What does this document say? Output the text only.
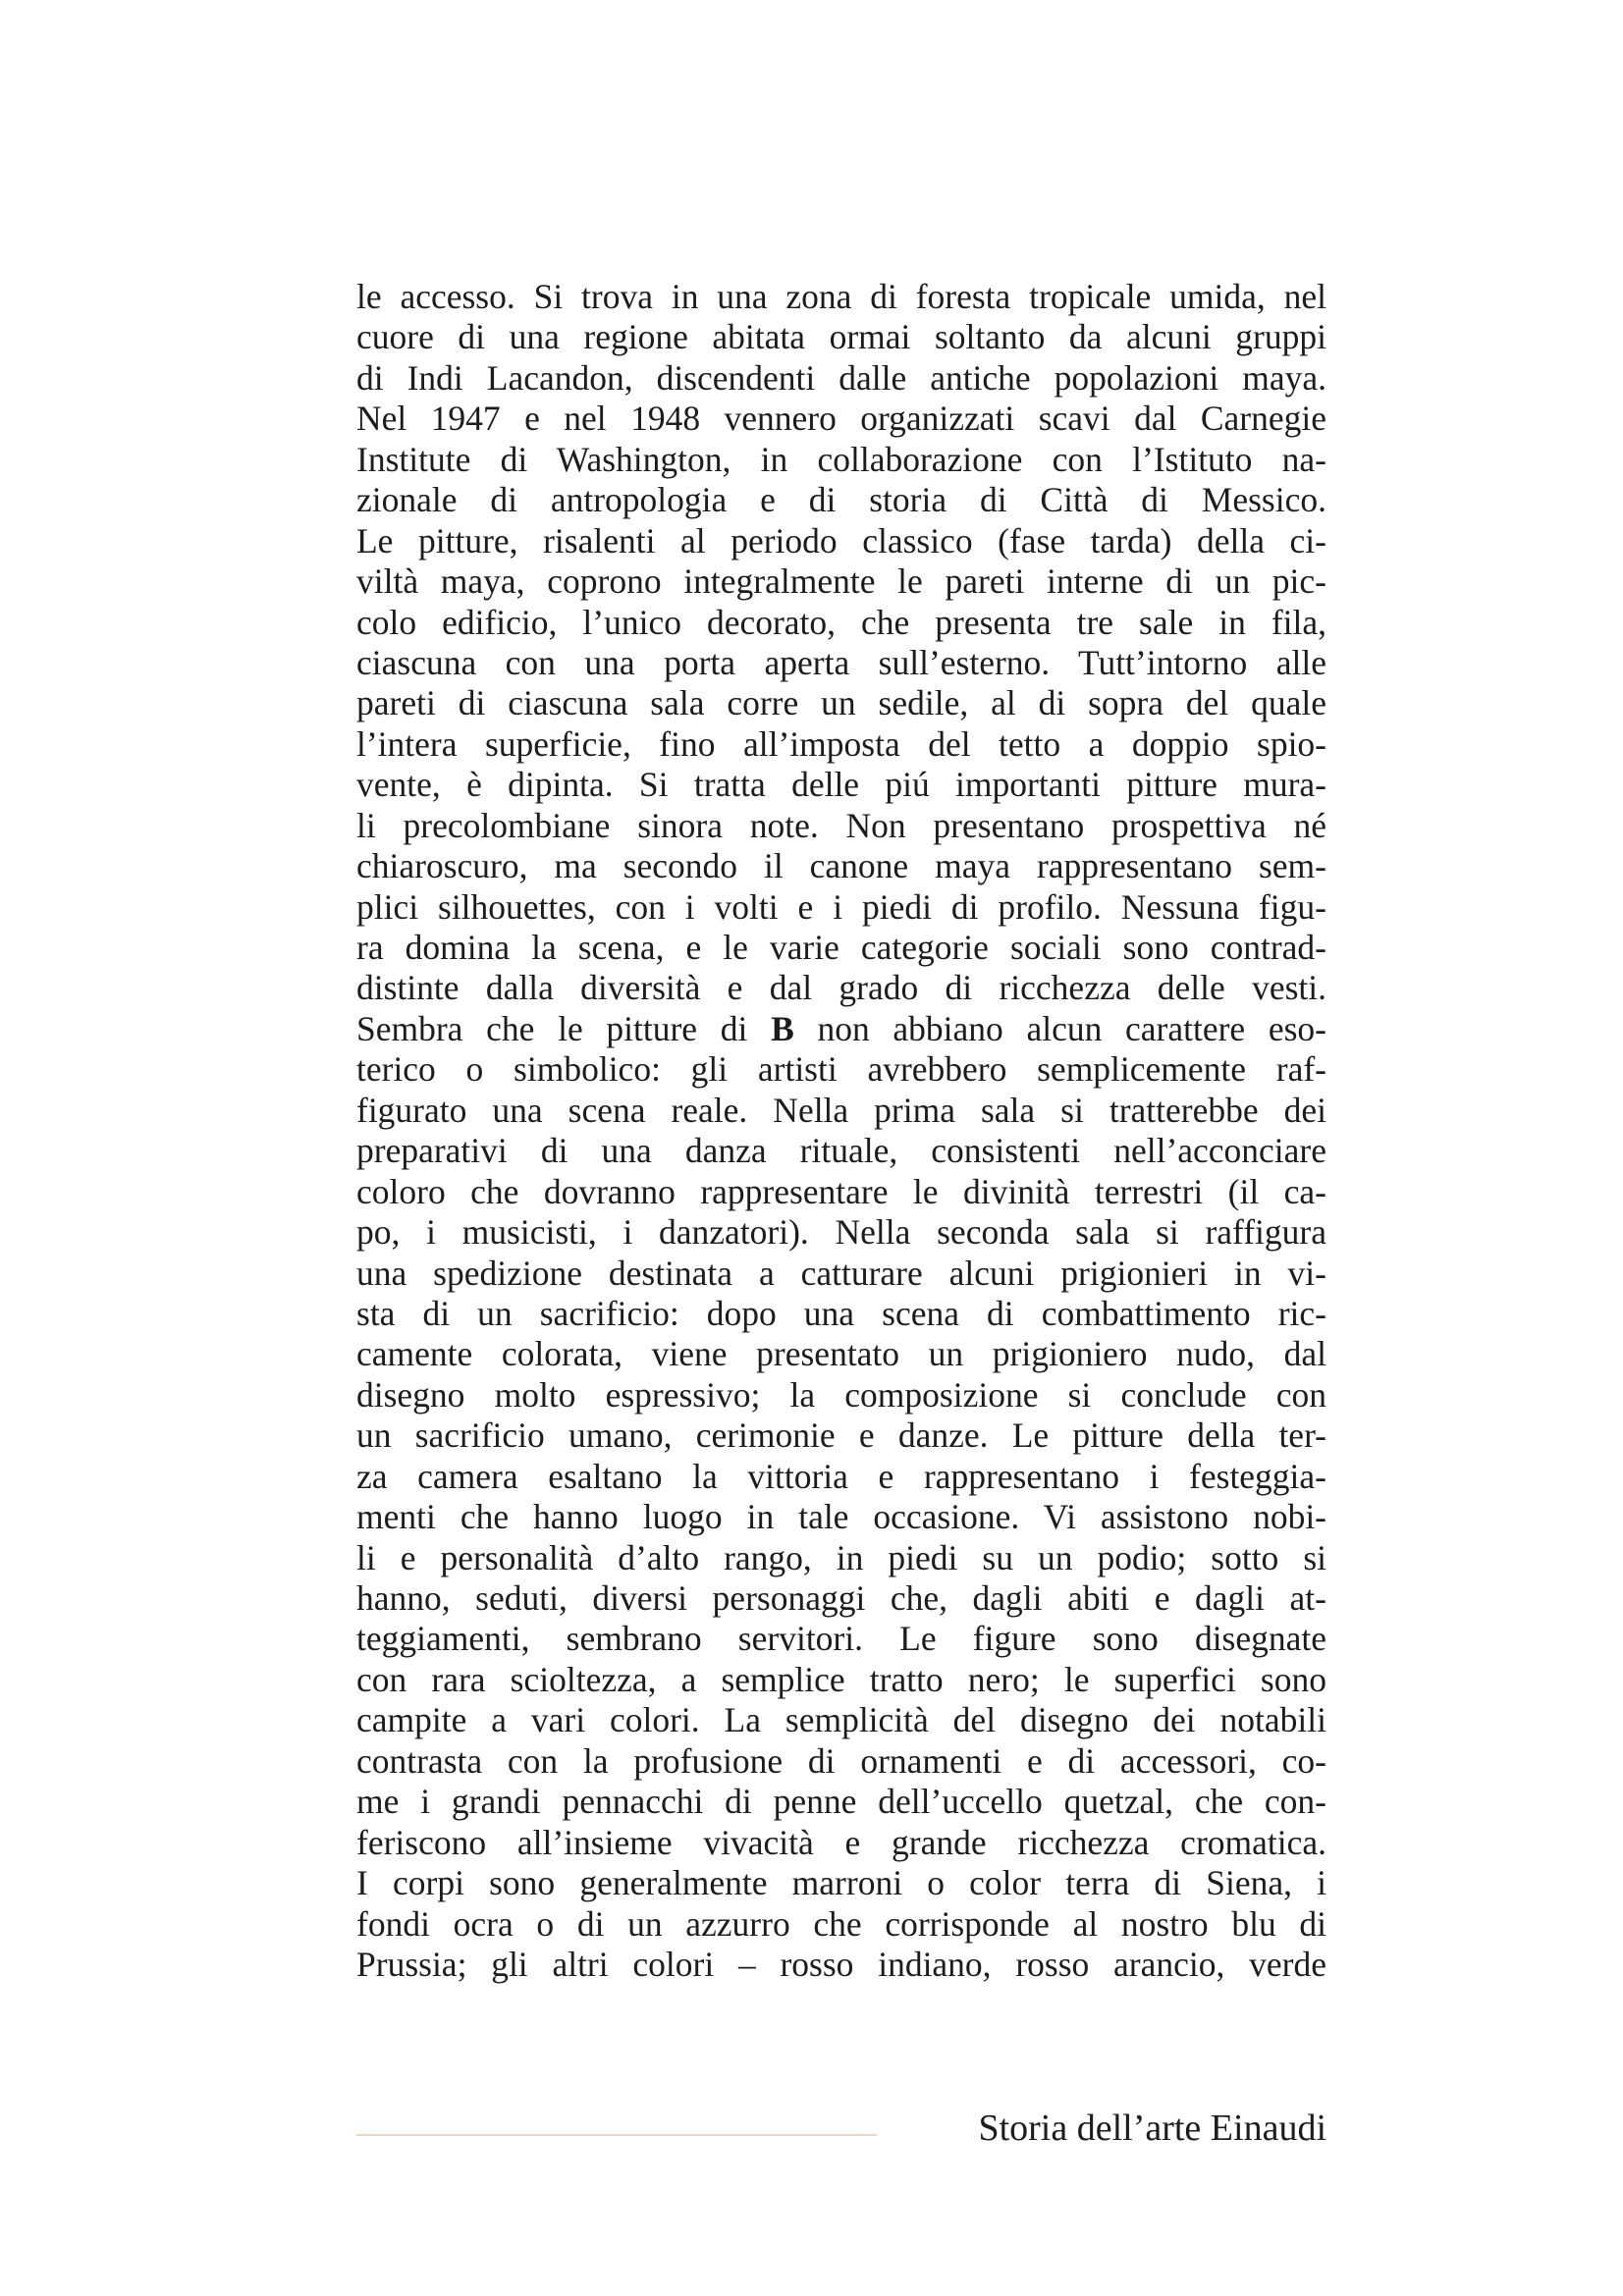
le accesso. Si trova in una zona di foresta tropicale umida, nel
cuore di una regione abitata ormai soltanto da alcuni gruppi
di Indi Lacandon, discendenti dalle antiche popolazioni maya.
Nel 1947 e nel 1948 vennero organizzati scavi dal Carnegie
Institute di Washington, in collaborazione con l’Istituto na-
zionale di antropologia e di storia di Città di Messico.
Le pitture, risalenti al periodo classico (fase tarda) della ci-
viltà maya, coprono integralmente le pareti interne di un pic-
colo edificio, l’unico decorato, che presenta tre sale in fila,
ciascuna con una porta aperta sull’esterno. Tutt’intorno alle
pareti di ciascuna sala corre un sedile, al di sopra del quale
l’intera superficie, fino all’imposta del tetto a doppio spio-
vente, è dipinta. Si tratta delle piú importanti pitture mura-
li precolombiane sinora note. Non presentano prospettiva né
chiaroscuro, ma secondo il canone maya rappresentano sem-
plici silhouettes, con i volti e i piedi di profilo. Nessuna figu-
ra domina la scena, e le varie categorie sociali sono contrad-
distinte dalla diversità e dal grado di ricchezza delle vesti.
Sembra che le pitture di B non abbiano alcun carattere eso-
terico o simbolico: gli artisti avrebbero semplicemente raf-
figurato una scena reale. Nella prima sala si tratterebbe dei
preparativi di una danza rituale, consistenti nell’acconciare
coloro che dovranno rappresentare le divinità terrestri (il ca-
po, i musicisti, i danzatori). Nella seconda sala si raffigura
una spedizione destinata a catturare alcuni prigionieri in vi-
sta di un sacrificio: dopo una scena di combattimento ric-
camente colorata, viene presentato un prigioniero nudo, dal
disegno molto espressivo; la composizione si conclude con
un sacrificio umano, cerimonie e danze. Le pitture della ter-
za camera esaltano la vittoria e rappresentano i festeggia-
menti che hanno luogo in tale occasione. Vi assistono nobi-
li e personalità d’alto rango, in piedi su un podio; sotto si
hanno, seduti, diversi personaggi che, dagli abiti e dagli at-
teggiamenti, sembrano servitori. Le figure sono disegnate
con rara scioltezza, a semplice tratto nero; le superfici sono
campite a vari colori. La semplicità del disegno dei notabili
contrasta con la profusione di ornamenti e di accessori, co-
me i grandi pennacchi di penne dell’uccello quetzal, che con-
feriscono all’insieme vivacità e grande ricchezza cromatica.
I corpi sono generalmente marroni o color terra di Siena, i
fondi ocra o di un azzurro che corrisponde al nostro blu di
Prussia; gli altri colori – rosso indiano, rosso arancio, verde
Storia dell’arte Einaudi
